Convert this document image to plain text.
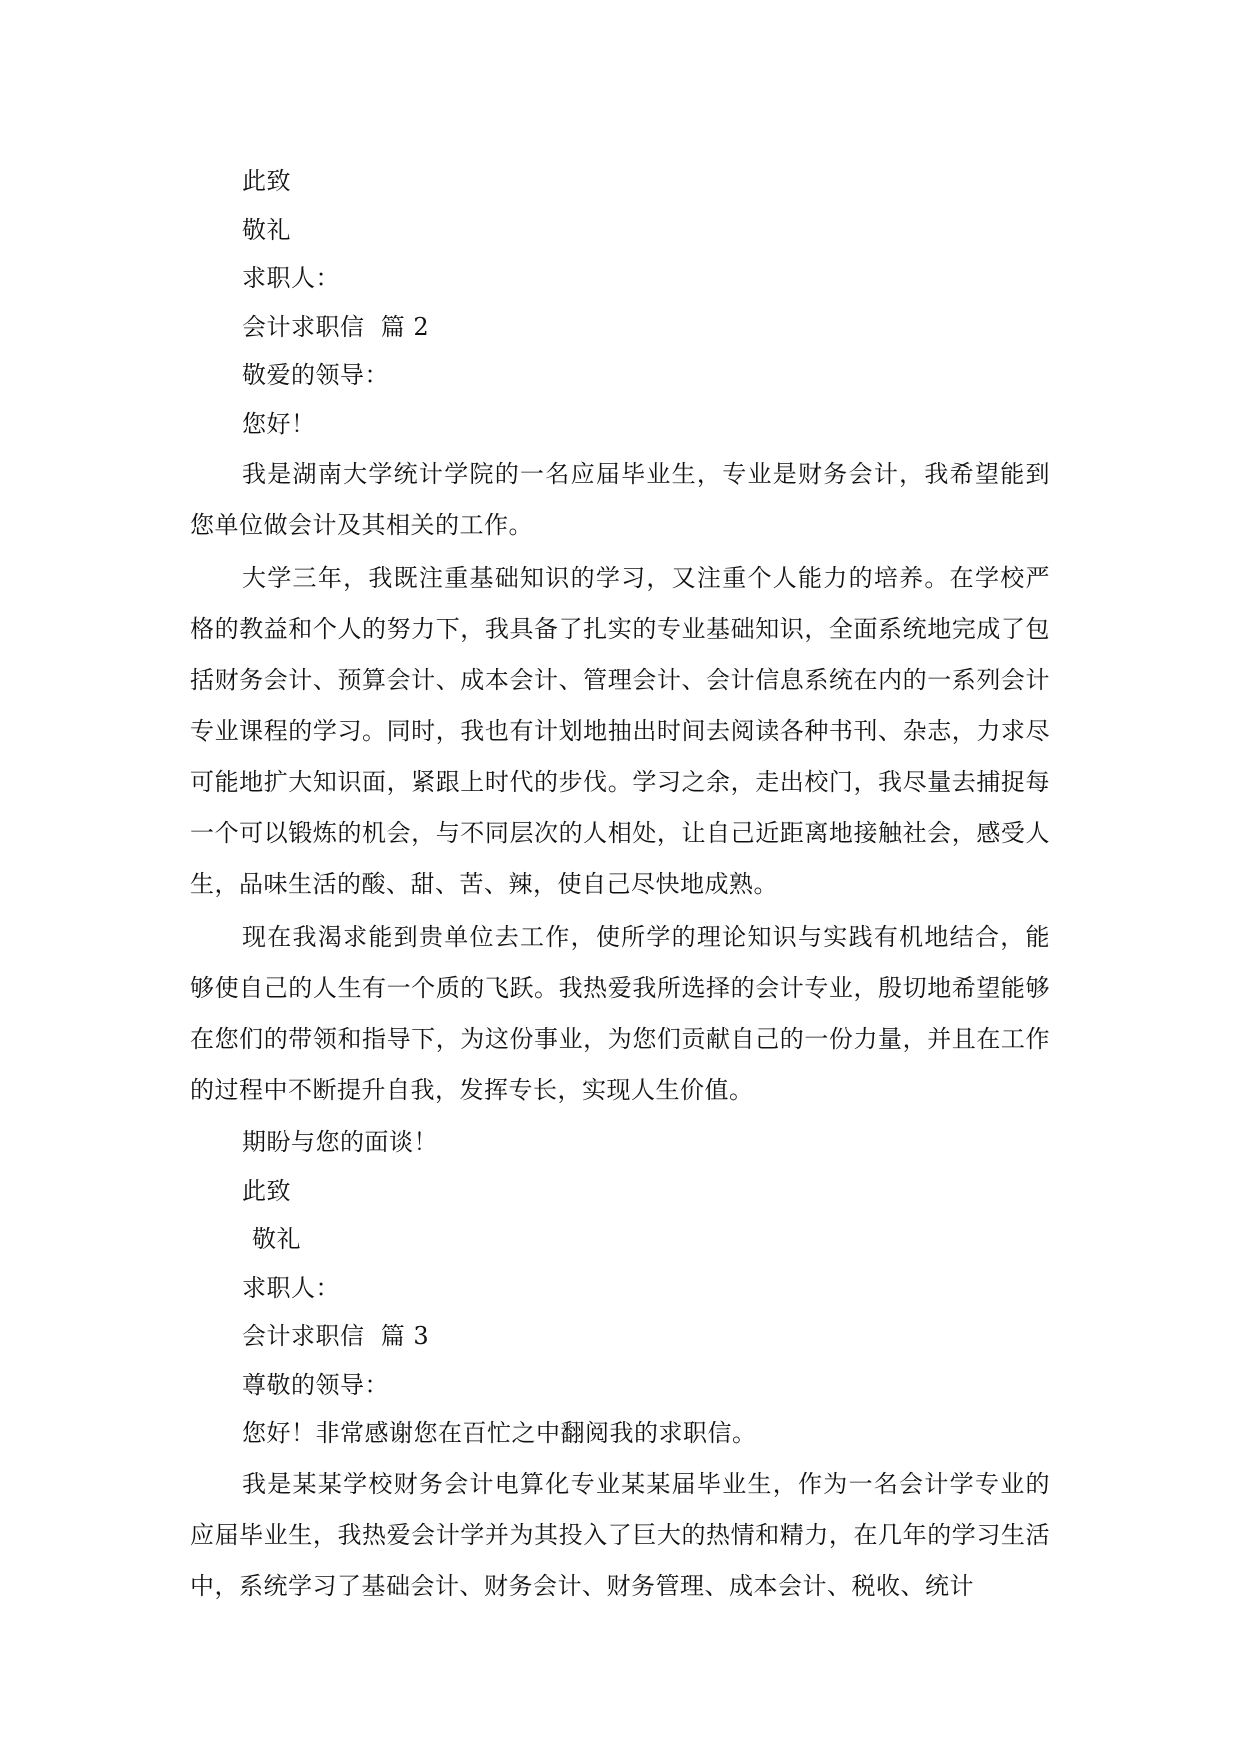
此致
敬礼
求职人：
会计求职信  篇 2
敬爱的领导：
您好！

我是湖南大学统计学院的一名应届毕业生，专业是财务会计，我希望能到您单位做会计及其相关的工作。

大学三年，我既注重基础知识的学习，又注重个人能力的培养。在学校严格的教益和个人的努力下，我具备了扎实的专业基础知识，全面系统地完成了包括财务会计、预算会计、成本会计、管理会计、会计信息系统在内的一系列会计专业课程的学习。同时，我也有计划地抽出时间去阅读各种书刊、杂志，力求尽可能地扩大知识面，紧跟上时代的步伐。学习之余，走出校门，我尽量去捕捉每一个可以锻炼的机会，与不同层次的人相处，让自己近距离地接触社会，感受人生，品味生活的酸、甜、苦、辣，使自己尽快地成熟。

现在我渴求能到贵单位去工作，使所学的理论知识与实践有机地结合，能够使自己的人生有一个质的飞跃。我热爱我所选择的会计专业，殷切地希望能够在您们的带领和指导下，为这份事业，为您们贡献自己的一份力量，并且在工作的过程中不断提升自我，发挥专长，实现人生价值。

期盼与您的面谈！
此致
敬礼
求职人：
会计求职信  篇 3
尊敬的领导：
您好！非常感谢您在百忙之中翻阅我的求职信。

我是某某学校财务会计电算化专业某某届毕业生，作为一名会计学专业的应届毕业生，我热爱会计学并为其投入了巨大的热情和精力，在几年的学习生活中，系统学习了基础会计、财务会计、财务管理、成本会计、税收、统计
